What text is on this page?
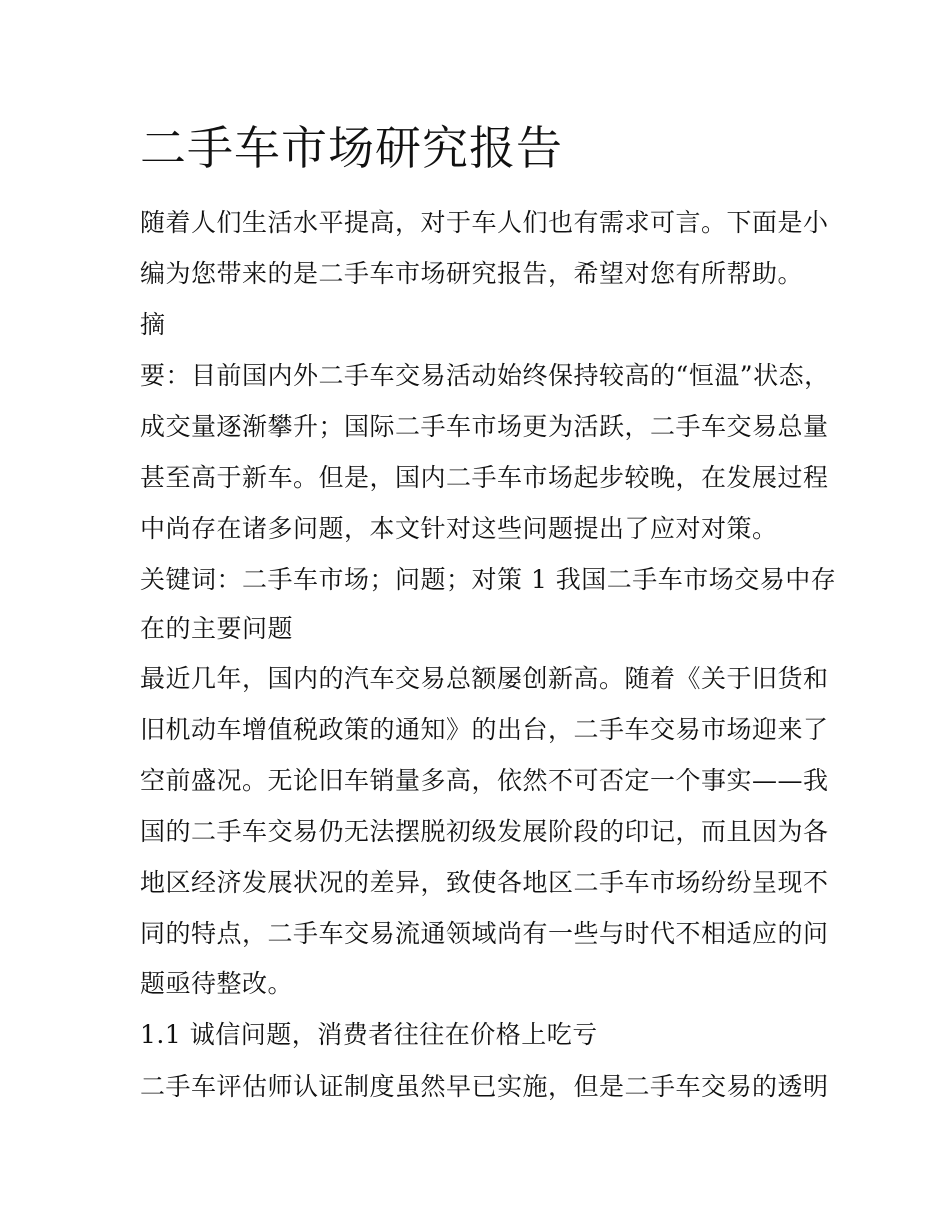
二手车市场研究报告

随着人们生活水平提高，对于车人们也有需求可言。下面是小

编为您带来的是二手车市场研究报告，希望对您有所帮助。

摘

要：目前国内外二手车交易活动始终保持较高的“恒温”状态，

成交量逐渐攀升；国际二手车市场更为活跃，二手车交易总量

甚至高于新车。但是，国内二手车市场起步较晚，在发展过程

中尚存在诸多问题，本文针对这些问题提出了应对对策。

关键词：二手车市场；问题；对策 1 我国二手车市场交易中存

在的主要问题

最近几年，国内的汽车交易总额屡创新高。随着《关于旧货和

旧机动车增值税政策的通知》的出台，二手车交易市场迎来了

空前盛况。无论旧车销量多高，依然不可否定一个事实——我

国的二手车交易仍无法摆脱初级发展阶段的印记，而且因为各

地区经济发展状况的差异，致使各地区二手车市场纷纷呈现不

同的特点，二手车交易流通领域尚有一些与时代不相适应的问

题亟待整改。

1.1 诚信问题，消费者往往在价格上吃亏

二手车评估师认证制度虽然早已实施，但是二手车交易的透明
